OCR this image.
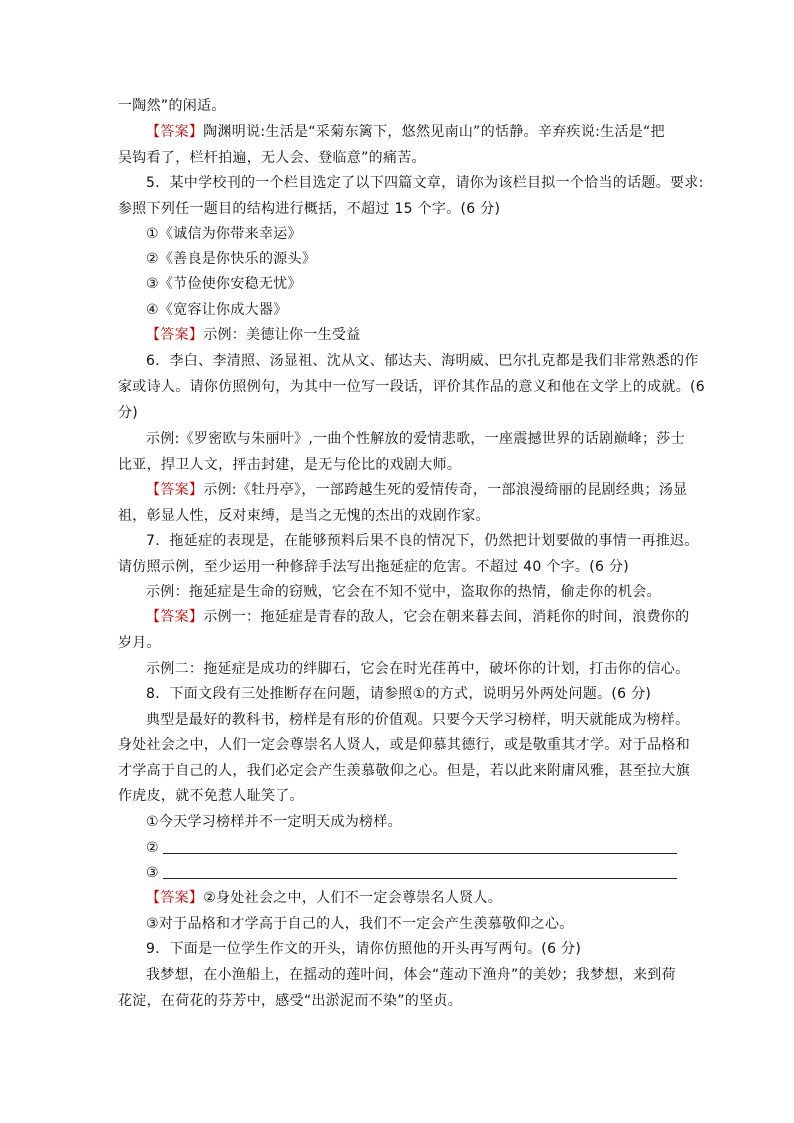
一陶然”的闲适。
【答案】陶渊明说:生活是“采菊东篱下，悠然见南山”的恬静。辛弃疾说:生活是“把
吴钩看了，栏杆拍遍，无人会、登临意”的痛苦。
5．某中学校刊的一个栏目选定了以下四篇文章，请你为该栏目拟一个恰当的话题。要求:
参照下列任一题目的结构进行概括，不超过 15 个字。(6 分)
①《诚信为你带来幸运》
②《善良是你快乐的源头》
③《节俭使你安稳无忧》
④《宽容让你成大器》
【答案】示例：美德让你一生受益
6．李白、李清照、汤显祖、沈从文、郁达夫、海明威、巴尔扎克都是我们非常熟悉的作
家或诗人。请你仿照例句，为其中一位写一段话，评价其作品的意义和他在文学上的成就。(6
分)
示例:《罗密欧与朱丽叶》,一曲个性解放的爱情悲歌，一座震撼世界的话剧巅峰；莎士
比亚，捍卫人文，抨击封建，是无与伦比的戏剧大师。
【答案】示例:《牡丹亭》，一部跨越生死的爱情传奇，一部浪漫绮丽的昆剧经典；汤显
祖，彰显人性，反对束缚，是当之无愧的杰出的戏剧作家。
7．拖延症的表现是，在能够预料后果不良的情况下，仍然把计划要做的事情一再推迟。
请仿照示例，至少运用一种修辞手法写出拖延症的危害。不超过 40 个字。(6 分)
示例：拖延症是生命的窃贼，它会在不知不觉中，盗取你的热情，偷走你的机会。
【答案】示例一：拖延症是青春的敌人，它会在朝来暮去间，消耗你的时间，浪费你的
岁月。
示例二：拖延症是成功的绊脚石，它会在时光荏苒中，破坏你的计划，打击你的信心。
8．下面文段有三处推断存在问题，请参照①的方式，说明另外两处问题。(6 分)
典型是最好的教科书，榜样是有形的价值观。只要今天学习榜样，明天就能成为榜样。
身处社会之中，人们一定会尊崇名人贤人，或是仰慕其德行，或是敬重其才学。对于品格和
才学高于自己的人，我们必定会产生羡慕敬仰之心。但是，若以此来附庸风雅，甚至拉大旗
作虎皮，就不免惹人耻笑了。
①今天学习榜样并不一定明天成为榜样。
②
③
【答案】②身处社会之中，人们不一定会尊崇名人贤人。
③对于品格和才学高于自己的人，我们不一定会产生羡慕敬仰之心。
9．下面是一位学生作文的开头，请你仿照他的开头再写两句。(6 分)
我梦想，在小渔船上，在摇动的莲叶间，体会“莲动下渔舟”的美妙；我梦想，来到荷
花淀，在荷花的芬芳中，感受“出淤泥而不染”的坚贞。
